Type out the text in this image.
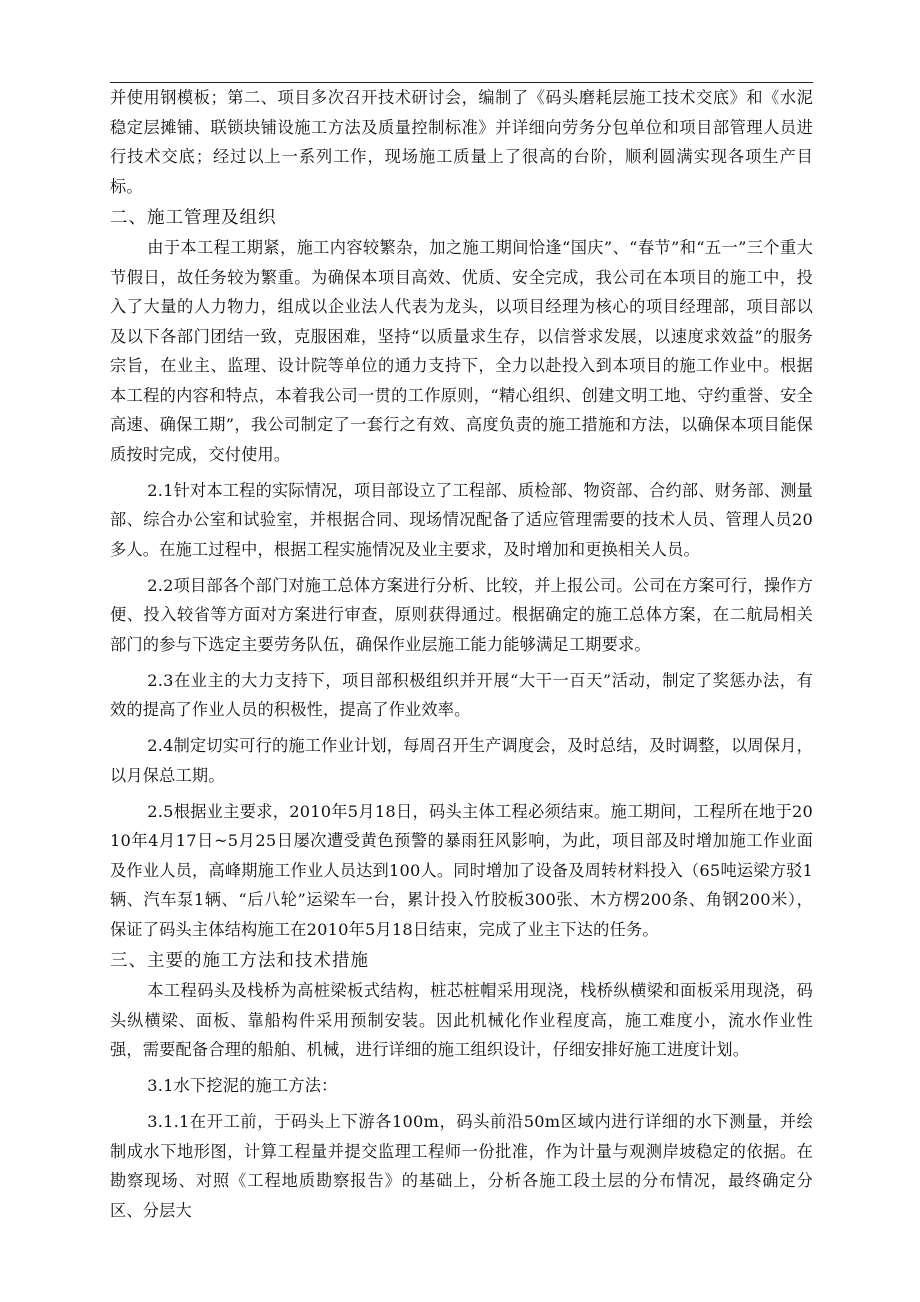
并使用钢模板；第二、项目多次召开技术研讨会，编制了《码头磨耗层施工技术交底》和《水泥稳定层摊铺、联锁块铺设施工方法及质量控制标准》并详细向劳务分包单位和项目部管理人员进行技术交底；经过以上一系列工作，现场施工质量上了很高的台阶，顺利圆满实现各项生产目标。

二、施工管理及组织

由于本工程工期紧，施工内容较繁杂，加之施工期间恰逢“国庆”、“春节”和“五一”三个重大节假日，故任务较为繁重。为确保本项目高效、优质、安全完成，我公司在本项目的施工中，投入了大量的人力物力，组成以企业法人代表为龙头，以项目经理为核心的项目经理部，项目部以及以下各部门团结一致，克服困难，坚持“以质量求生存，以信誉求发展，以速度求效益”的服务宗旨，在业主、监理、设计院等单位的通力支持下，全力以赴投入到本项目的施工作业中。根据本工程的内容和特点，本着我公司一贯的工作原则，“精心组织、创建文明工地、守约重誉、安全高速、确保工期”，我公司制定了一套行之有效、高度负责的施工措施和方法，以确保本项目能保质按时完成，交付使用。

2.1针对本工程的实际情况，项目部设立了工程部、质检部、物资部、合约部、财务部、测量部、综合办公室和试验室，并根据合同、现场情况配备了适应管理需要的技术人员、管理人员20多人。在施工过程中，根据工程实施情况及业主要求，及时增加和更换相关人员。

2.2项目部各个部门对施工总体方案进行分析、比较，并上报公司。公司在方案可行，操作方便、投入较省等方面对方案进行审查，原则获得通过。根据确定的施工总体方案，在二航局相关部门的参与下选定主要劳务队伍，确保作业层施工能力能够满足工期要求。

2.3在业主的大力支持下，项目部积极组织并开展“大干一百天”活动，制定了奖惩办法，有效的提高了作业人员的积极性，提高了作业效率。

2.4制定切实可行的施工作业计划，每周召开生产调度会，及时总结，及时调整，以周保月，以月保总工期。

2.5根据业主要求，2010年5月18日，码头主体工程必须结束。施工期间，工程所在地于2010年4月17日~5月25日屡次遭受黄色预警的暴雨狂风影响，为此，项目部及时增加施工作业面及作业人员，高峰期施工作业人员达到100人。同时增加了设备及周转材料投入（65吨运梁方驳1辆、汽车泵1辆、“后八轮”运梁车一台，累计投入竹胶板300张、木方楞200条、角钢200米），保证了码头主体结构施工在2010年5月18日结束，完成了业主下达的任务。

三、主要的施工方法和技术措施

本工程码头及栈桥为高桩梁板式结构，桩芯桩帽采用现浇，栈桥纵横梁和面板采用现浇，码头纵横梁、面板、靠船构件采用预制安装。因此机械化作业程度高，施工难度小，流水作业性强，需要配备合理的船舶、机械，进行详细的施工组织设计，仔细安排好施工进度计划。

3.1水下挖泥的施工方法：

3.1.1在开工前，于码头上下游各100m，码头前沿50m区域内进行详细的水下测量，并绘制成水下地形图，计算工程量并提交监理工程师一份批准，作为计量与观测岸坡稳定的依据。在勘察现场、对照《工程地质勘察报告》的基础上，分析各施工段土层的分布情况，最终确定分区、分层大
